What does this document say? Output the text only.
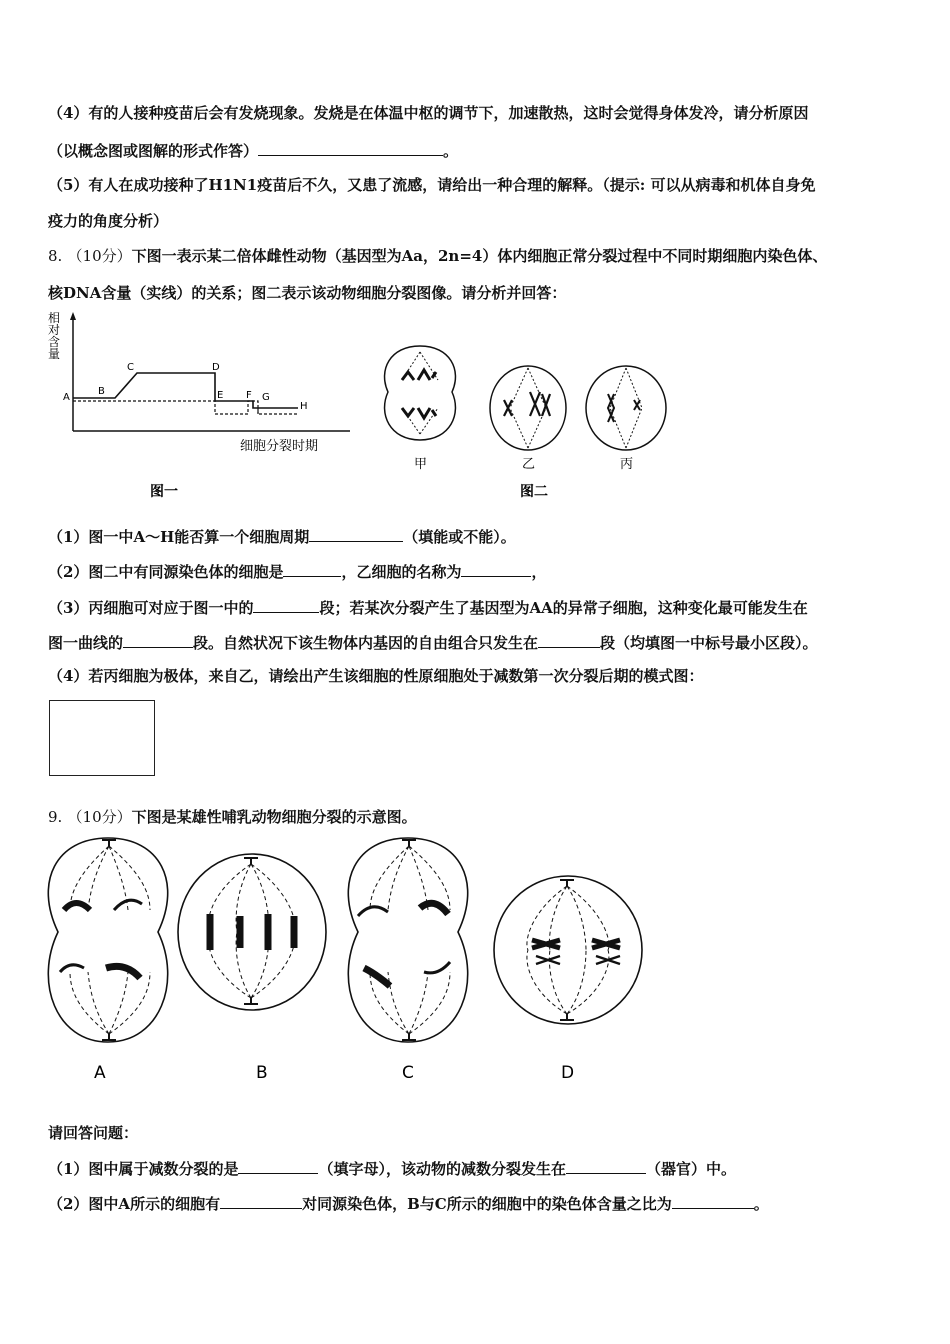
（4）有的人接种疫苗后会有发烧现象。发烧是在体温中枢的调节下，加速散热，这时会觉得身体发冷，请分析原因
（以概念图或图解的形式作答）	。
（5）有人在成功接种了H1N1疫苗后不久，又患了流感，请给出一种合理的解释。（提示: 可以从病毒和机体自身免
疫力的角度分析）
8. （10分）下图一表示某二倍体雌性动物（基因型为Aa，2n=4）体内细胞正常分裂过程中不同时期细胞内染色体、
核DNA含量（实线）的关系；图二表示该动物细胞分裂图像。请分析并回答：
相
对
含
量
A
B
C	D
E F G
H
细胞分裂时期
图一
甲	乙	丙
图二
（1）图一中A～H能否算一个细胞周期	（填能或不能）。
（2）图二中有同源染色体的细胞是	，乙细胞的名称为	，
（3）丙细胞可对应于图一中的	段；若某次分裂产生了基因型为AA的异常子细胞，这种变化最可能发生在
图一曲线的	段。自然状况下该生物体内基因的自由组合只发生在	段（均填图一中标号最小区段）。
（4）若丙细胞为极体，来自乙，请绘出产生该细胞的性原细胞处于减数第一次分裂后期的模式图：
9. （10分）下图是某雄性哺乳动物细胞分裂的示意图。
A	B	C	D
请回答问题：
（1）图中属于减数分裂的是	（填字母），该动物的减数分裂发生在	（器官）中。
（2）图中A所示的细胞有	对同源染色体，B与C所示的细胞中的染色体含量之比为	。
